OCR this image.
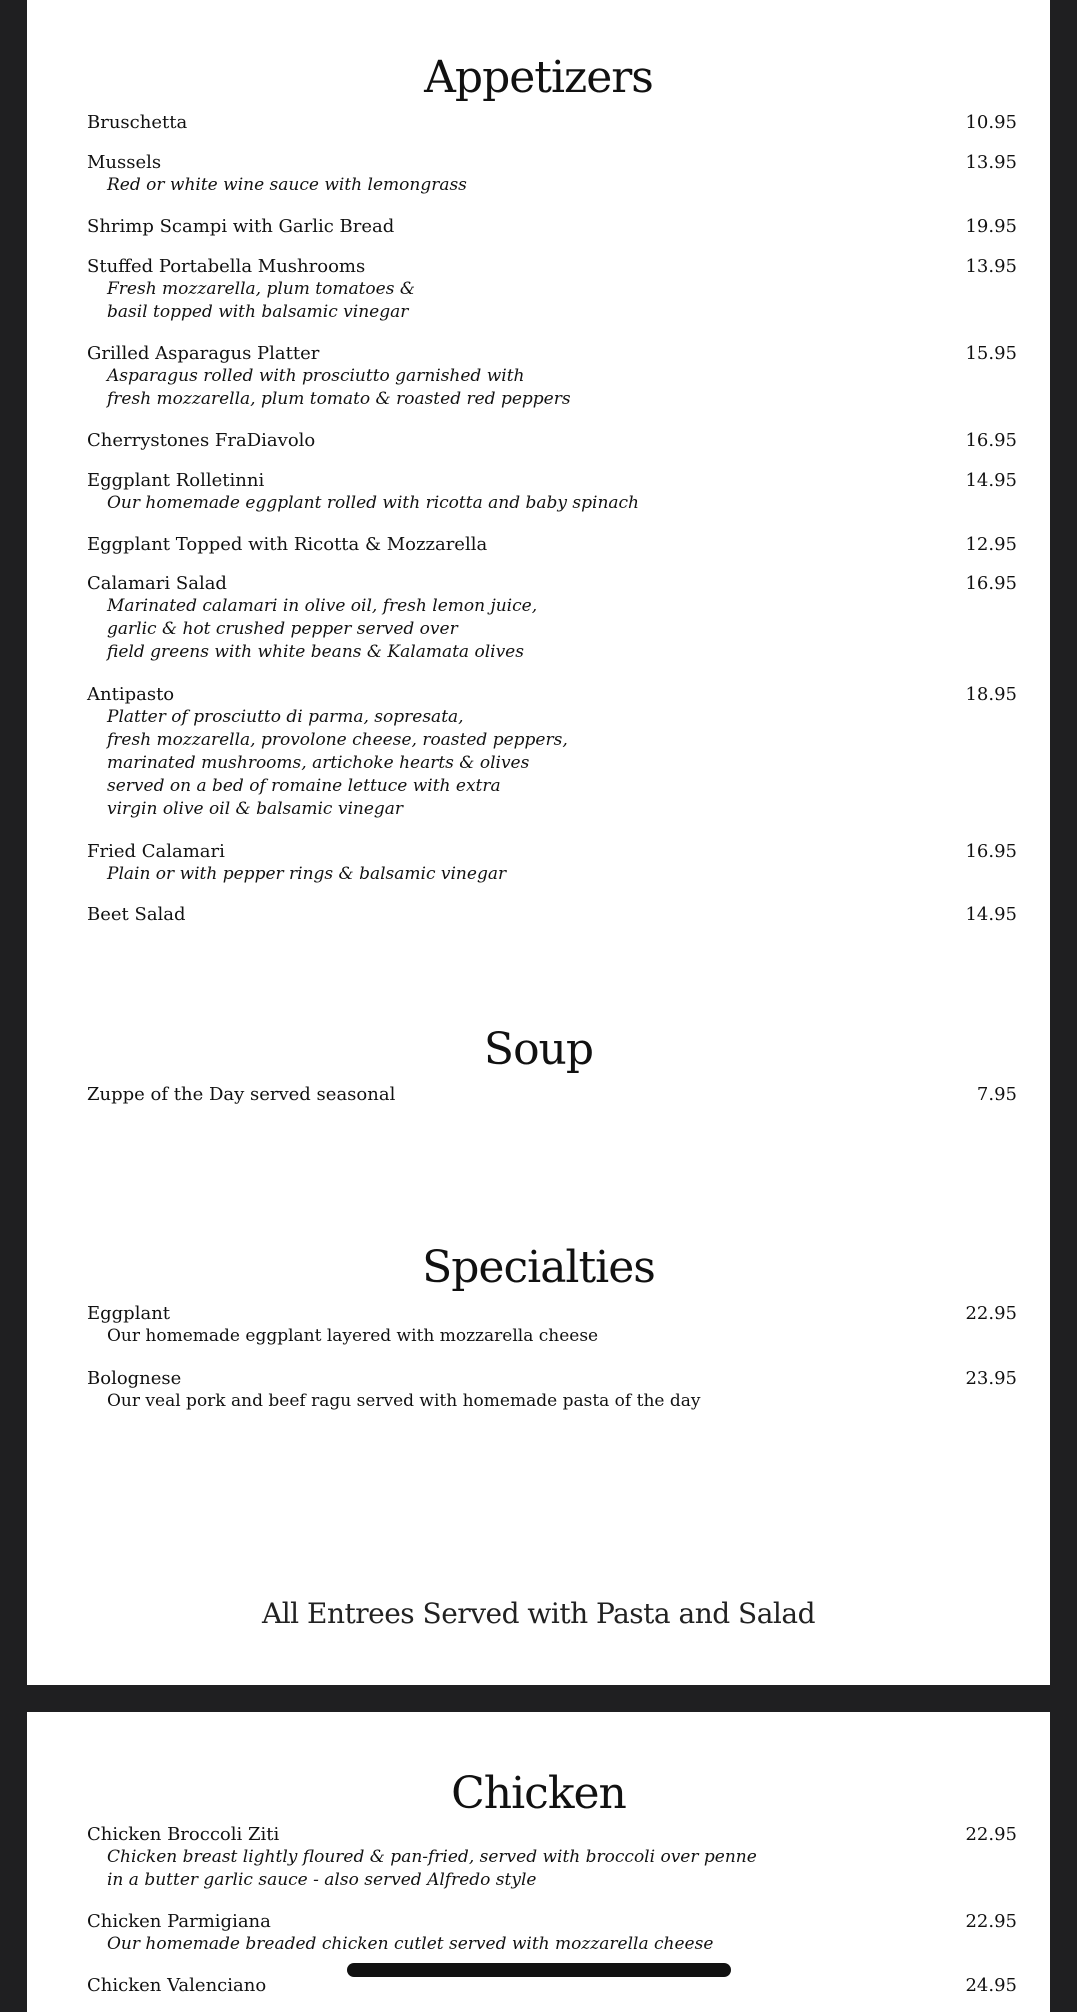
Appetizers
Bruschetta	10.95
Mussels	13.95
Red or white wine sauce with lemongrass
Shrimp Scampi with Garlic Bread	19.95
Stuffed Portabella Mushrooms	13.95
Fresh mozzarella, plum tomatoes &
basil topped with balsamic vinegar
Grilled Asparagus Platter	15.95
Asparagus rolled with prosciutto garnished with
fresh mozzarella, plum tomato & roasted red peppers
Cherrystones FraDiavolo	16.95
Eggplant Rolletinni	14.95
Our homemade eggplant rolled with ricotta and baby spinach
Eggplant Topped with Ricotta & Mozzarella	12.95
Calamari Salad	16.95
Marinated calamari in olive oil, fresh lemon juice,
garlic & hot crushed pepper served over
field greens with white beans & Kalamata olives
Antipasto	18.95
Platter of prosciutto di parma, sopresata,
fresh mozzarella, provolone cheese, roasted peppers,
marinated mushrooms, artichoke hearts & olives
served on a bed of romaine lettuce with extra
virgin olive oil & balsamic vinegar
Fried Calamari	16.95
Plain or with pepper rings & balsamic vinegar
Beet Salad	14.95
Soup
Zuppe of the Day served seasonal	7.95
Specialties
Eggplant	22.95
Our homemade eggplant layered with mozzarella cheese
Bolognese	23.95
Our veal pork and beef ragu served with homemade pasta of the day
All Entrees Served with Pasta and Salad
Chicken
Chicken Broccoli Ziti	22.95
Chicken breast lightly floured & pan-fried, served with broccoli over penne
in a butter garlic sauce - also served Alfredo style
Chicken Parmigiana	22.95
Our homemade breaded chicken cutlet served with mozzarella cheese
Chicken Valenciano	24.95
